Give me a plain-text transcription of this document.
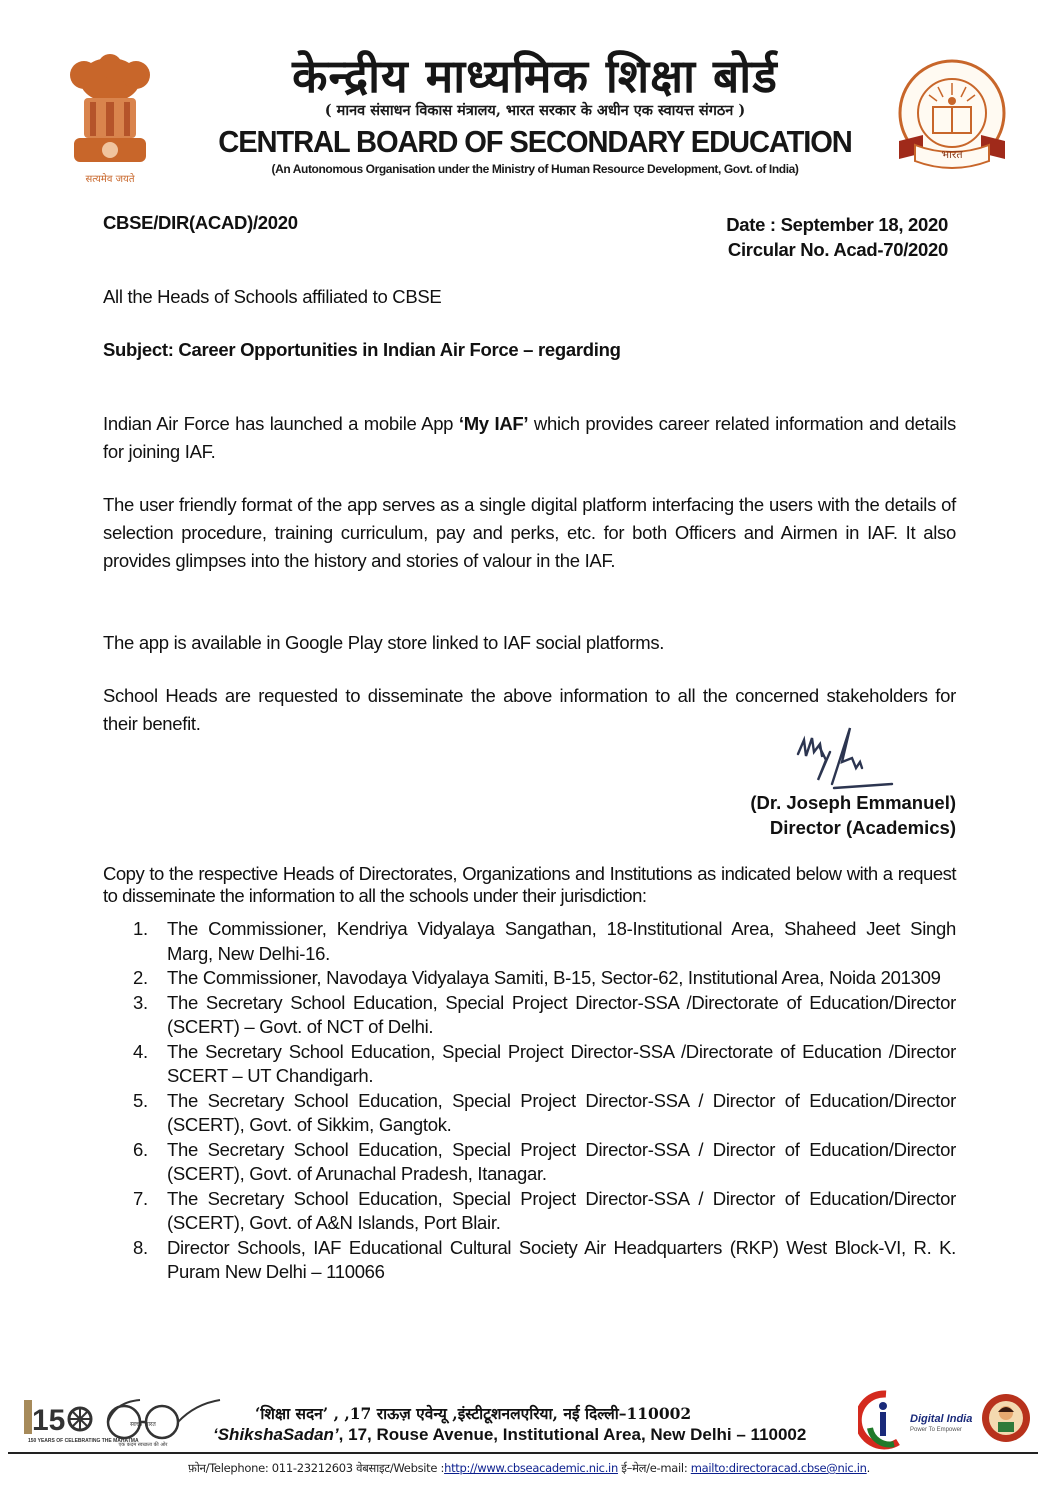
सत्यमेव जयते
केन्द्रीय माध्यमिक शिक्षा बोर्ड
( मानव संसाधन विकास मंत्रालय, भारत सरकार के अधीन एक स्वायत्त संगठन )
CENTRAL BOARD OF SECONDARY EDUCATION
(An Autonomous Organisation under the Ministry of Human Resource Development, Govt. of India)
भारत
CBSE/DIR(ACAD)/2020	Date : September 18, 2020
Circular No. Acad-70/2020
All the Heads of Schools affiliated to CBSE
Subject: Career Opportunities in Indian Air Force – regarding
Indian Air Force has launched a mobile App ‘My IAF’ which provides career related information and details for joining IAF.
The user friendly format of the app serves as a single digital platform interfacing the users with the details of selection procedure, training curriculum, pay and perks, etc. for both Officers and Airmen in IAF. It also provides glimpses into the history and stories of valour in the IAF.
The app is available in Google Play store linked to IAF social platforms.
School Heads are requested to disseminate the above information to all the concerned stakeholders for their benefit.
(Dr. Joseph Emmanuel)
Director (Academics)
Copy to the respective Heads of Directorates, Organizations and Institutions as indicated below with a request to disseminate the information to all the schools under their jurisdiction:
1. The Commissioner, Kendriya Vidyalaya Sangathan, 18-Institutional Area, Shaheed Jeet Singh Marg, New Delhi-16.
2. The Commissioner, Navodaya Vidyalaya Samiti, B-15, Sector-62, Institutional Area, Noida 201309
3. The Secretary School Education, Special Project Director-SSA /Directorate of Education/Director (SCERT) – Govt. of NCT of Delhi.
4. The Secretary School Education, Special Project Director-SSA /Directorate of Education /Director SCERT – UT Chandigarh.
5. The Secretary School Education, Special Project Director-SSA / Director of Education/Director (SCERT), Govt. of Sikkim, Gangtok.
6. The Secretary School Education, Special Project Director-SSA / Director of Education/Director (SCERT), Govt. of Arunachal Pradesh, Itanagar.
7. The Secretary School Education, Special Project Director-SSA / Director of Education/Director (SCERT), Govt. of A&N Islands, Port Blair.
8. Director Schools, IAF Educational Cultural Society Air Headquarters (RKP) West Block-VI, R. K. Puram New Delhi – 110066
15
150 YEARS OF CELEBRATING THE MAHATMA
स्वच्छ भारत
एक कदम स्वच्छता की ओर
‘शिक्षा सदन’ , ,17 राऊज़ एवेन्यू ,इंस्टीटूशनलएरिया, नई दिल्ली–110002
‘ShikshaSadan’, 17, Rouse Avenue, Institutional Area, New Delhi – 110002
Digital India
Power To Empower
फ़ोन/Telephone: 011-23212603 वेबसाइट/Website :http://www.cbseacademic.nic.in ई–मेल/e-mail: mailto:directoracad.cbse@nic.in.
